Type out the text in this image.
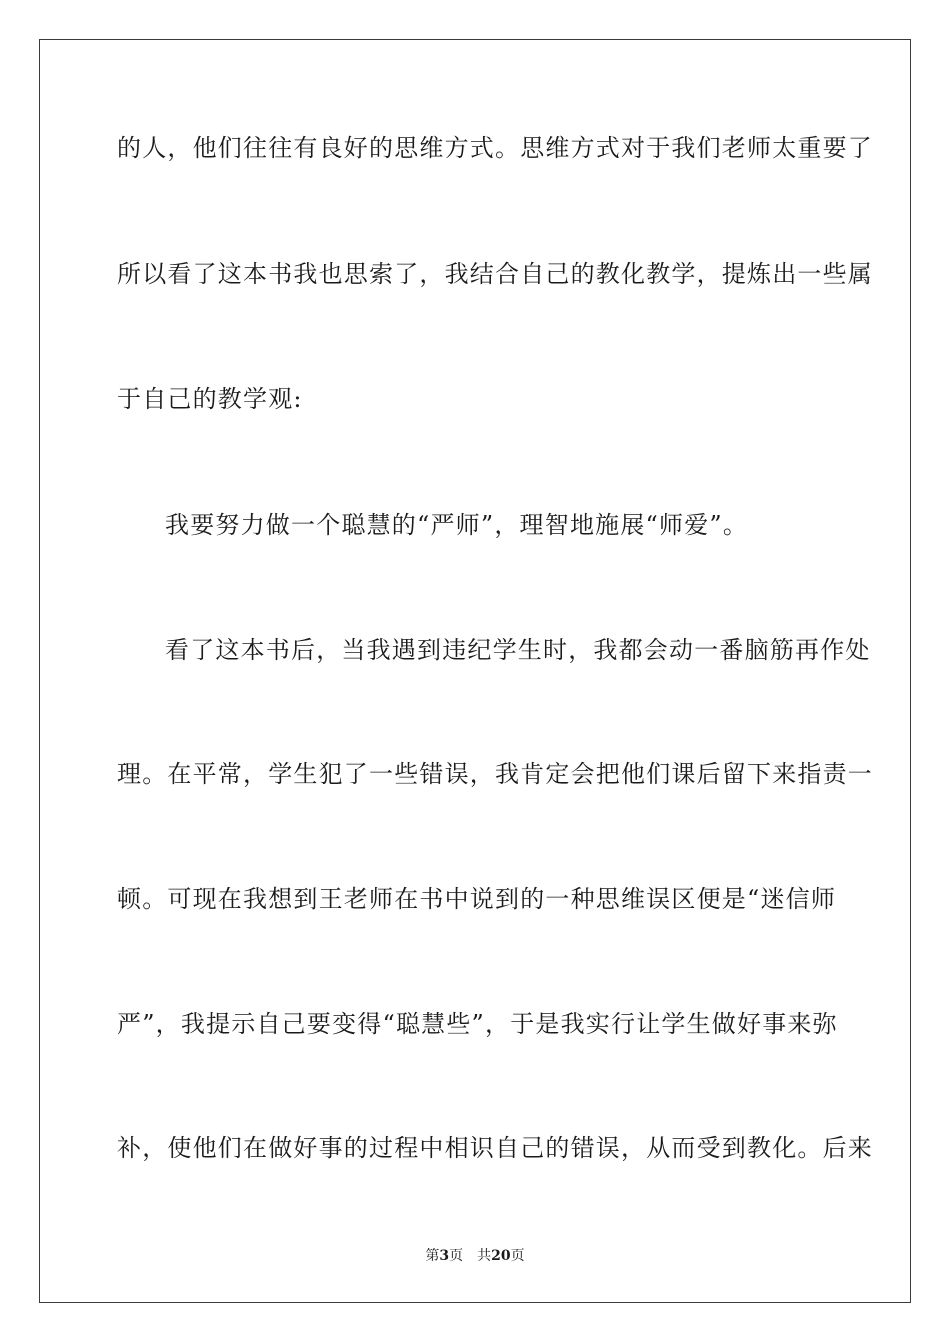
的人，他们往往有良好的思维方式。思维方式对于我们老师太重要了
所以看了这本书我也思索了，我结合自己的教化教学，提炼出一些属
于自己的教学观:
我要努力做一个聪慧的“严师”，理智地施展“师爱”。
看了这本书后，当我遇到违纪学生时，我都会动一番脑筋再作处
理。在平常，学生犯了一些错误，我肯定会把他们课后留下来指责一
顿。可现在我想到王老师在书中说到的一种思维误区便是“迷信师
严”，我提示自己要变得“聪慧些”，于是我实行让学生做好事来弥
补，使他们在做好事的过程中相识自己的错误，从而受到教化。后来
第3页 共20页
